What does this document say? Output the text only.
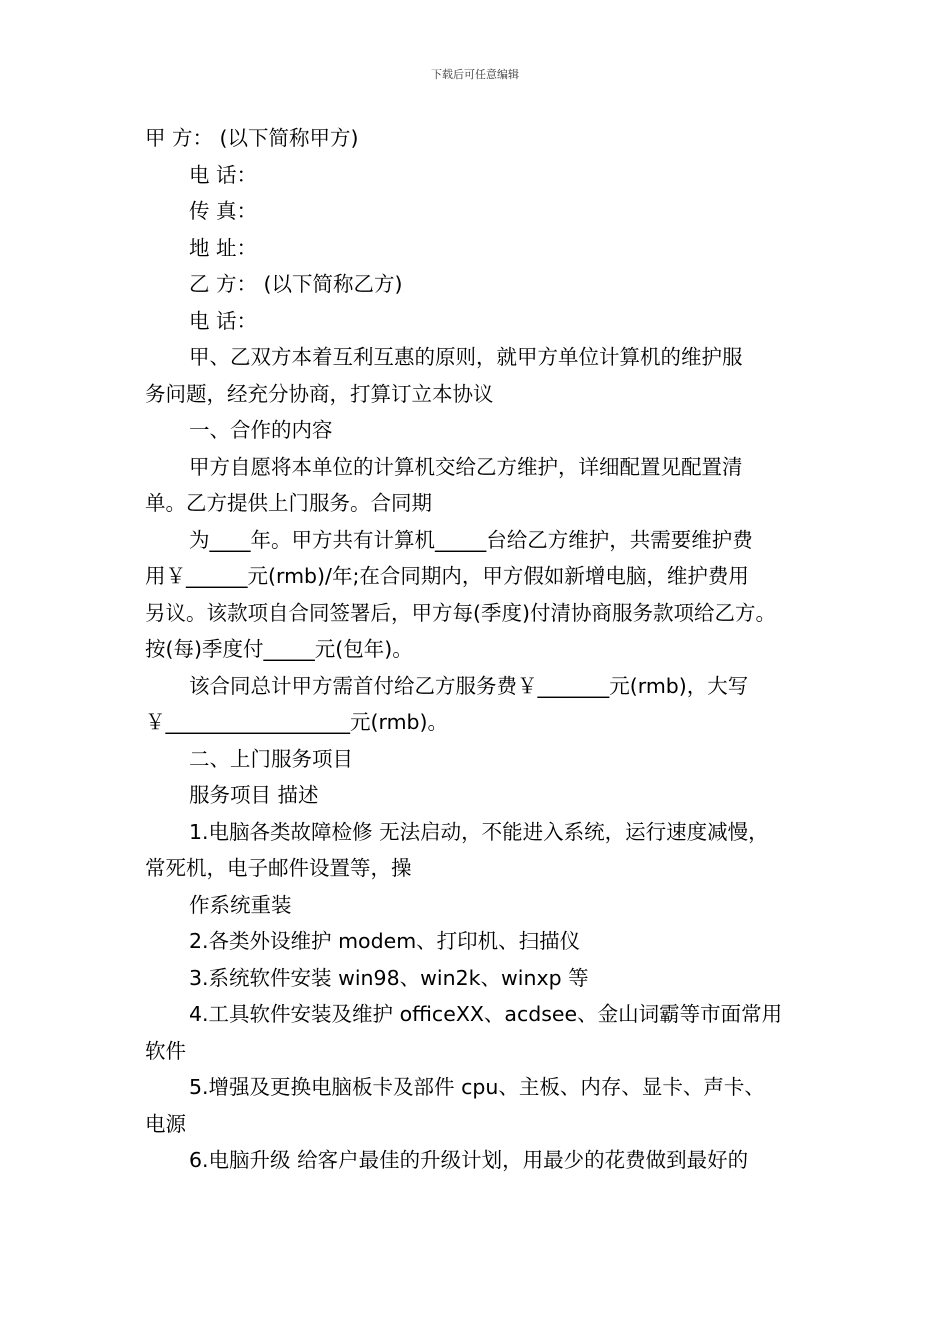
下载后可任意编辑

甲 方： (以下简称甲方)

电 话：

传 真：

地 址：

乙 方： (以下简称乙方)

电 话：

甲、乙双方本着互利互惠的原则，就甲方单位计算机的维护服

务问题，经充分协商，打算订立本协议

一、合作的内容

甲方自愿将本单位的计算机交给乙方维护，详细配置见配置清

单。乙方提供上门服务。合同期

为____年。甲方共有计算机_____台给乙方维护，共需要维护费

用￥______元(rmb)/年;在合同期内，甲方假如新增电脑，维护费用

另议。该款项自合同签署后，甲方每(季度)付清协商服务款项给乙方。

按(每)季度付_____元(包年)。

该合同总计甲方需首付给乙方服务费￥_______元(rmb)，大写

￥__________________元(rmb)。

二、上门服务项目

服务项目 描述

1.电脑各类故障检修 无法启动，不能进入系统，运行速度减慢，

常死机，电子邮件设置等，操

作系统重装

2.各类外设维护 modem、打印机、扫描仪

3.系统软件安装 win98、win2k、winxp 等

4.工具软件安装及维护 officeXX、acdsee、金山词霸等市面常用

软件

5.增强及更换电脑板卡及部件 cpu、主板、内存、显卡、声卡、

电源

6.电脑升级 给客户最佳的升级计划，用最少的花费做到最好的
